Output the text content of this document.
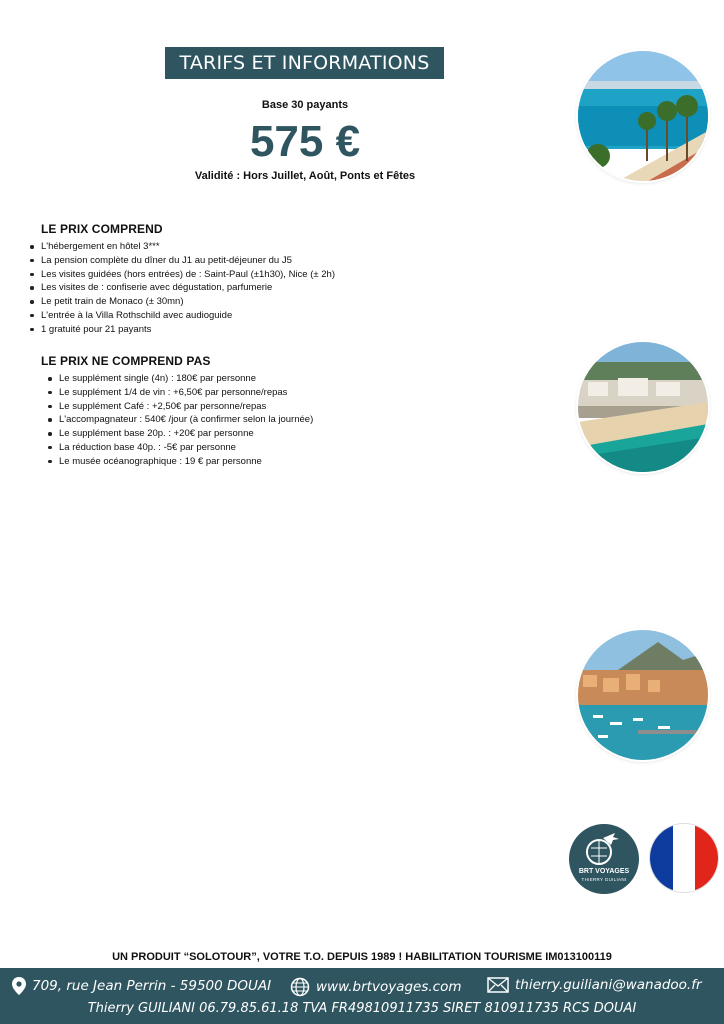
TARIFS ET INFORMATIONS
Base 30 payants
575 €
Validité : Hors Juillet, Août, Ponts et Fêtes
LE PRIX COMPREND
L'hébergement en hôtel 3***
La pension complète du dîner du J1 au petit-déjeuner du J5
Les visites guidées (hors entrées) de : Saint-Paul (±1h30), Nice (± 2h)
Les visites de : confiserie avec dégustation, parfumerie
Le petit train de Monaco (± 30mn)
L'entrée à la Villa Rothschild avec audioguide
1 gratuité pour 21 payants
LE PRIX NE COMPREND PAS
Le supplément single (4n) : 180€ par personne
Le supplément 1/4 de vin : +6,50€ par personne/repas
Le supplément Café : +2,50€ par personne/repas
L'accompagnateur : 540€ /jour (à confirmer selon la journée)
Le supplément base 20p. : +20€ par personne
La réduction base 40p. : -5€ par personne
Le musée océanographique : 19 € par personne
BRT VOYAGES
THIERRY GUILIANI
UN PRODUIT “SOLOTOUR”, VOTRE T.O. DEPUIS 1989 ! HABILITATION TOURISME IM013100119
709, rue Jean Perrin - 59500 DOUAI	www.brtvoyages.com	thierry.guiliani@wanadoo.fr
Thierry GUILIANI 06.79.85.61.18 TVA FR49810911735 SIRET 810911735 RCS DOUAI
